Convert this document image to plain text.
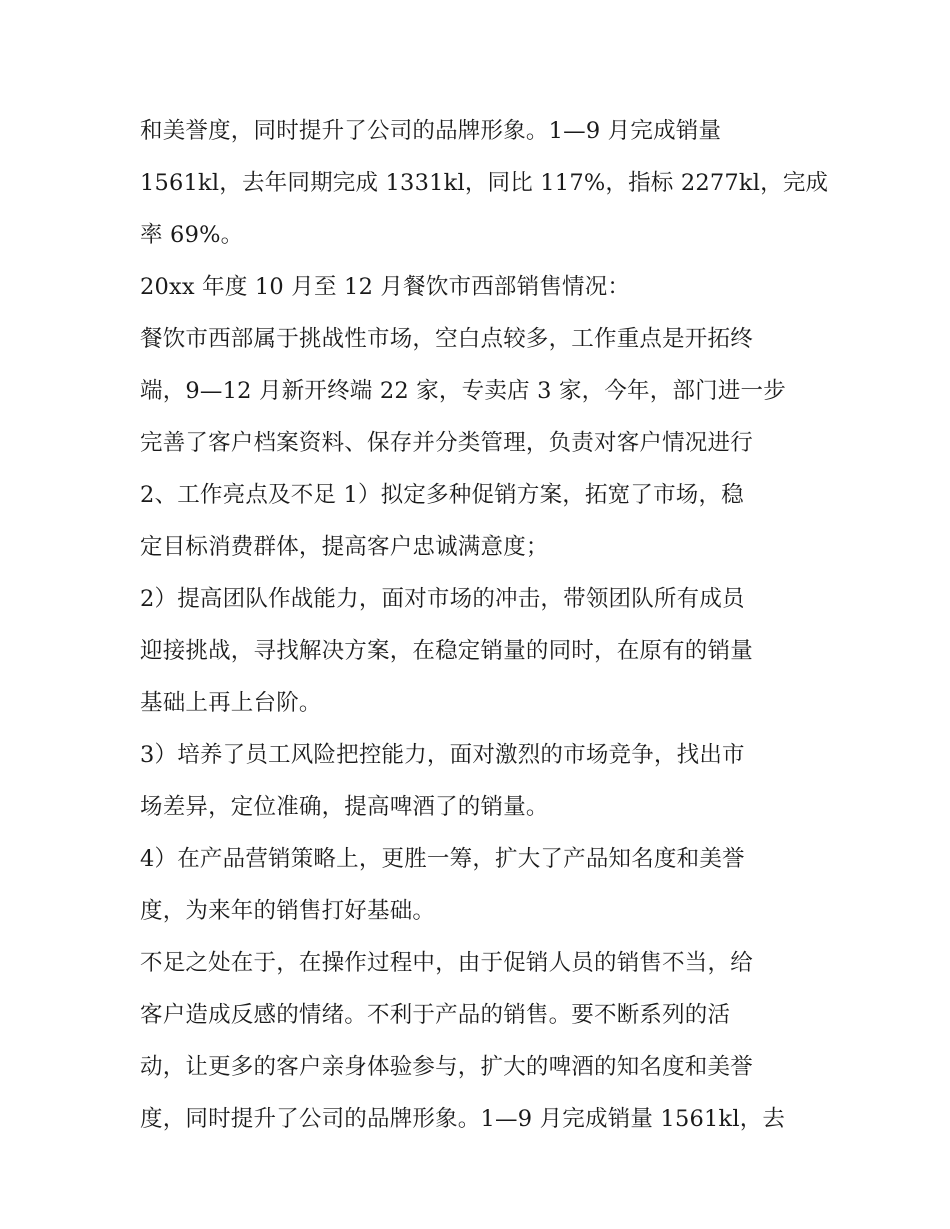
和美誉度，同时提升了公司的品牌形象。1—9 月完成销量
1561kl，去年同期完成 1331kl，同比 117%，指标 2277kl，完成
率 69%。
20xx 年度 10 月至 12 月餐饮市西部销售情况：
餐饮市西部属于挑战性市场，空白点较多，工作重点是开拓终
端，9—12 月新开终端 22 家，专卖店 3 家，今年，部门进一步
完善了客户档案资料、保存并分类管理，负责对客户情况进行
2、工作亮点及不足 1）拟定多种促销方案，拓宽了市场，稳
定目标消费群体，提高客户忠诚满意度；
2）提高团队作战能力，面对市场的冲击，带领团队所有成员
迎接挑战，寻找解决方案，在稳定销量的同时，在原有的销量
基础上再上台阶。
3）培养了员工风险把控能力，面对激烈的市场竞争，找出市
场差异，定位准确，提高啤酒了的销量。
4）在产品营销策略上，更胜一筹，扩大了产品知名度和美誉
度，为来年的销售打好基础。
不足之处在于，在操作过程中，由于促销人员的销售不当，给
客户造成反感的情绪。不利于产品的销售。要不断系列的活
动，让更多的客户亲身体验参与，扩大的啤酒的知名度和美誉
度，同时提升了公司的品牌形象。1—9 月完成销量 1561kl，去
